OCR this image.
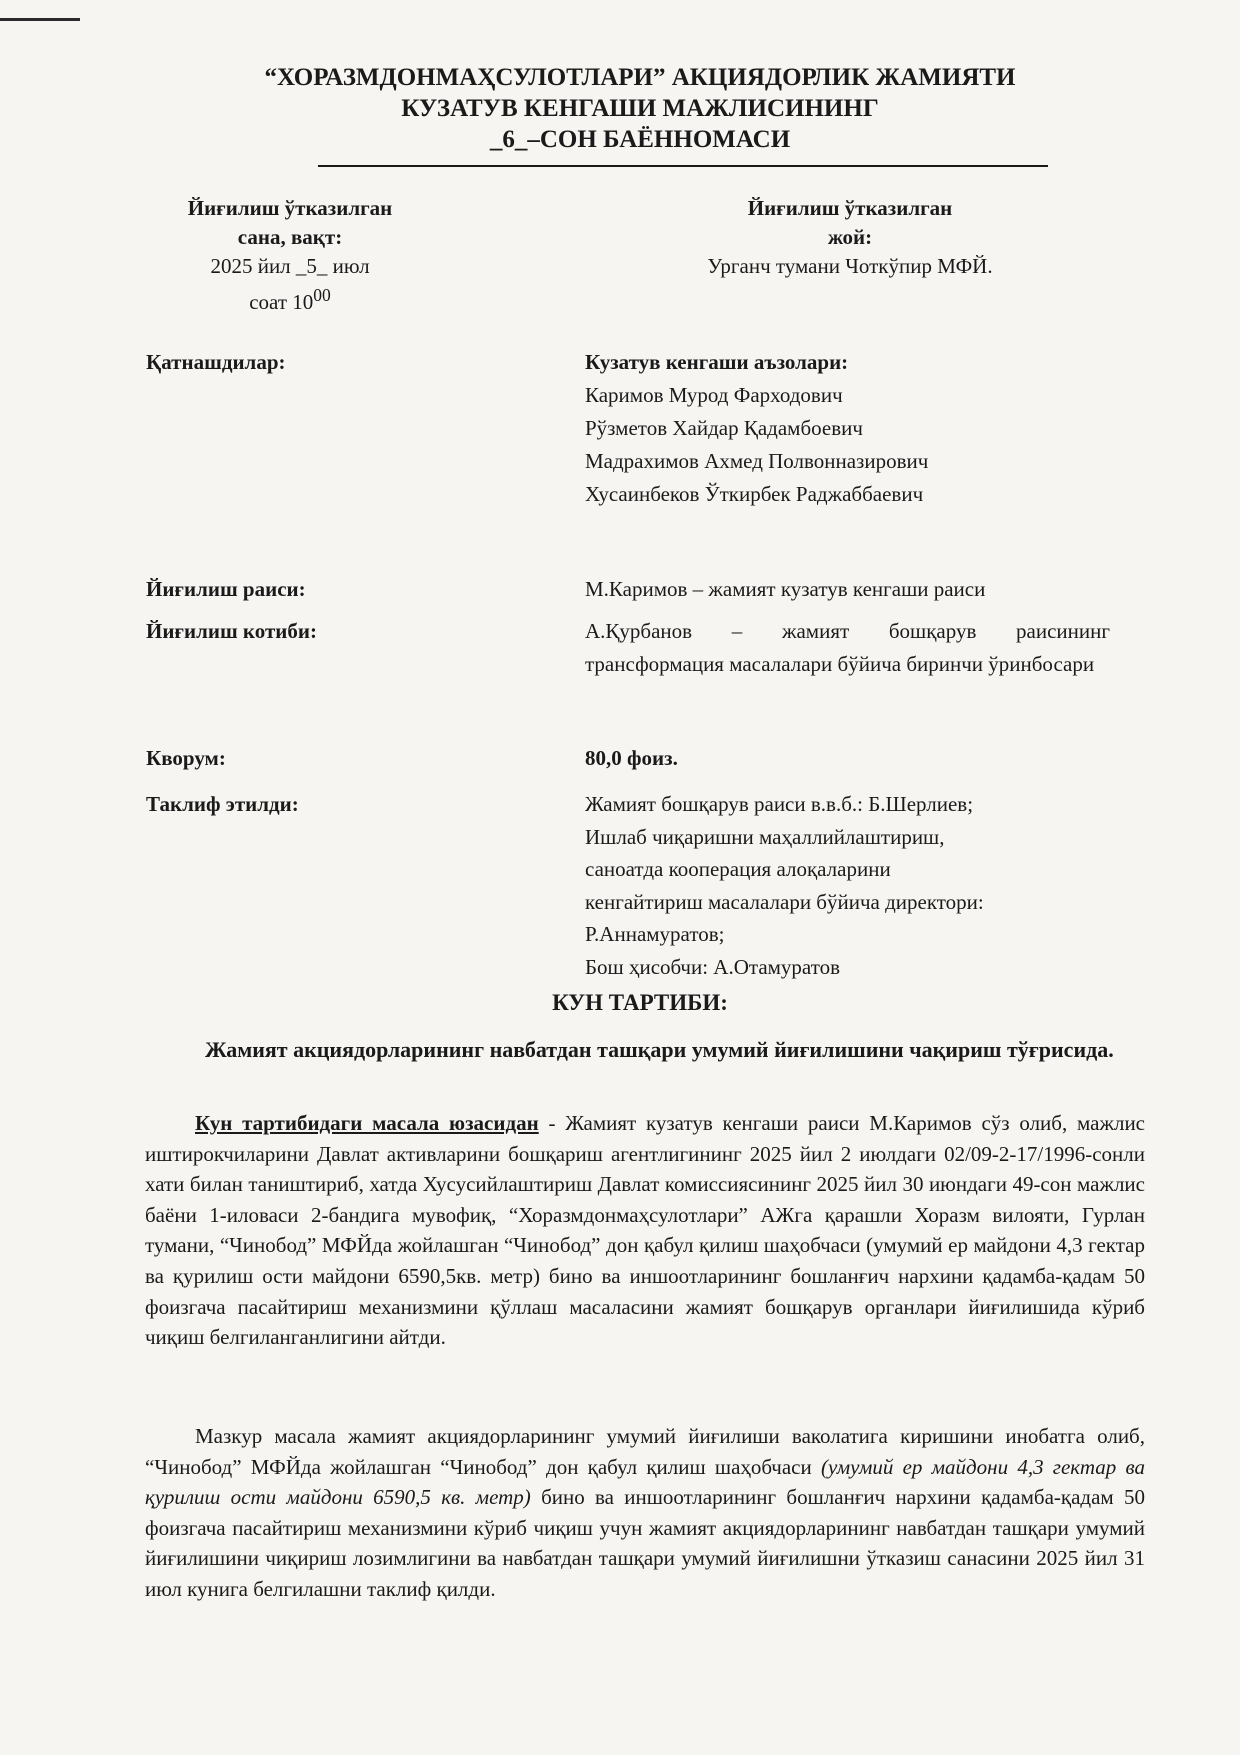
“ХОРАЗМДОНМАҲСУЛОТЛАРИ” АКЦИЯДОРЛИК ЖАМИЯТИ
КУЗАТУВ КЕНГАШИ МАЖЛИСИНИНГ
_6_–СОН БАЁННОМАСИ
Йиғилиш ўтказилган
сана, вақт:
2025 йил _5_ июл
соат $10^{00}$
Йиғилиш ўтказилган
жой:
Урганч тумани Чоткўпир МФЙ.
Қатнашдилар:	Кузатув кенгаши аъзолари:
Каримов Мурод Фарходович
Рўзметов Хайдар Қадамбоевич
Мадрахимов Ахмед Полвонназирович
Хусаинбеков Ўткирбек Раджаббаевич
Йиғилиш раиси:	М.Каримов – жамият кузатув кенгаши раиси
Йиғилиш котиби:	А.Қурбанов – жамият бошқарув раисининг трансформация масалалари бўйича биринчи ўринбосари
Кворум:	80,0 фоиз.
Таклиф этилди:	Жамият бошқарув раиси в.в.б.: Б.Шерлиев;
Ишлаб чиқаришни маҳаллийлаштириш,
саноатда кооперация алоқаларини
кенгайтириш масалалари бўйича директори:
Р.Аннамуратов;
Бош ҳисобчи: А.Отамуратов
КУН ТАРТИБИ:
Жамият акциядорларининг навбатдан ташқари умумий йиғилишини чақириш тўғрисида.
Кун тартибидаги масала юзасидан - Жамият кузатув кенгаши раиси М.Каримов сўз олиб, мажлис иштирокчиларини Давлат активларини бошқариш агентлигининг 2025 йил 2 июлдаги 02/09-2-17/1996-сонли хати билан таништириб, хатда Хусусийлаштириш Давлат комиссиясининг 2025 йил 30 июндаги 49-сон мажлис баёни 1-иловаси 2-бандига мувофиқ, “Хоразмдонмаҳсулотлари” АЖга қарашли Хоразм вилояти, Гурлан тумани, “Чинобод” МФЙда жойлашган “Чинобод” дон қабул қилиш шаҳобчаси (умумий ер майдони 4,3 гектар ва қурилиш ости майдони 6590,5кв. метр) бино ва иншоотларининг бошланғич нархини қадамба-қадам 50 фоизгача пасайтириш механизмини қўллаш масаласини жамият бошқарув органлари йиғилишида кўриб чиқиш белгиланганлигини айтди.
Мазкур масала жамият акциядорларининг умумий йиғилиши ваколатига киришини инобатга олиб, “Чинобод” МФЙда жойлашган “Чинобод” дон қабул қилиш шаҳобчаси (умумий ер майдони 4,3 гектар ва қурилиш ости майдони 6590,5 кв. метр) бино ва иншоотларининг бошланғич нархини қадамба-қадам 50 фоизгача пасайтириш механизмини кўриб чиқиш учун жамият акциядорларининг навбатдан ташқари умумий йиғилишини чиқириш лозимлигини ва навбатдан ташқари умумий йиғилишни ўтказиш санасини 2025 йил 31 июл кунига белгилашни таклиф қилди.
